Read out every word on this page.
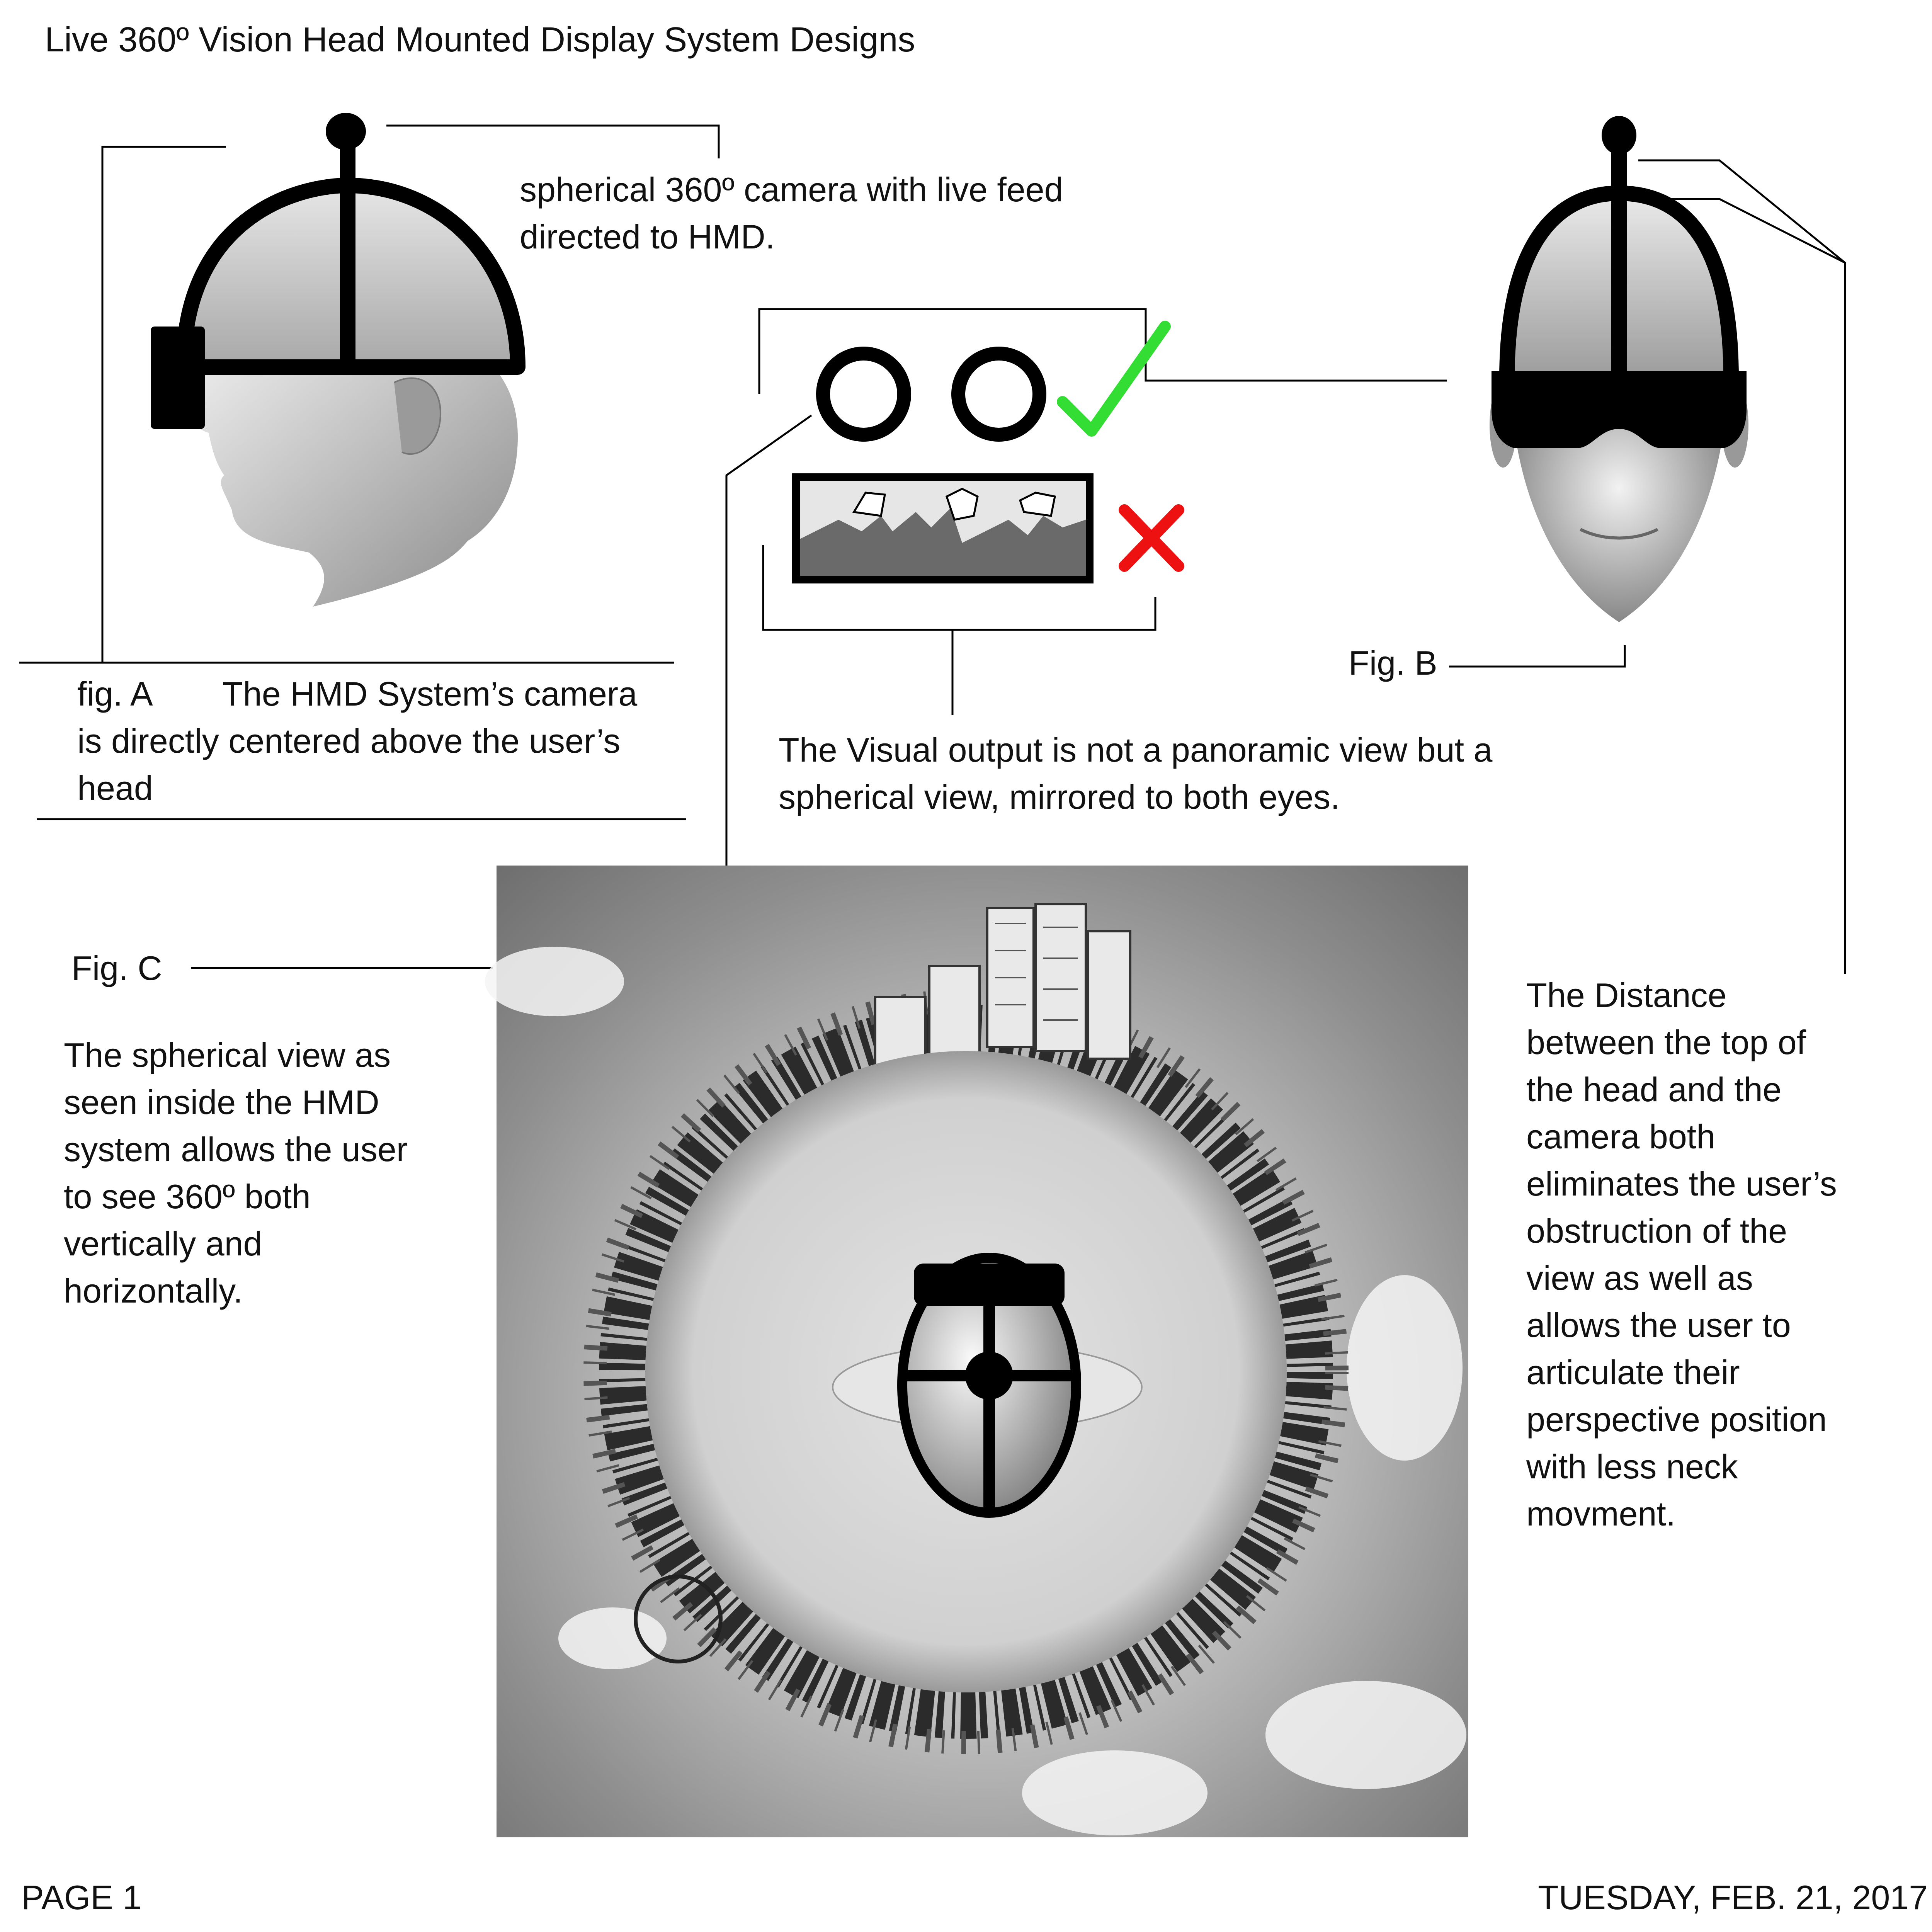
Live 360º Vision Head Mounted Display System Designs
spherical 360º camera with live feed
directed to HMD.
fig. A The HMD System’s camera
is directly centered above the user’s
head
The Visual output is not a panoramic view but a
spherical view, mirrored to both eyes.
Fig. B
Fig. C
The spherical view as
seen inside the HMD
system allows the user
to see 360º both
vertically and
horizontally.
The Distance
between the top of
the head and the
camera both
eliminates the user’s
obstruction of the
view as well as
allows the user to
articulate their
perspective position
with less neck
movment.
PAGE 1	TUESDAY, FEB. 21, 2017
